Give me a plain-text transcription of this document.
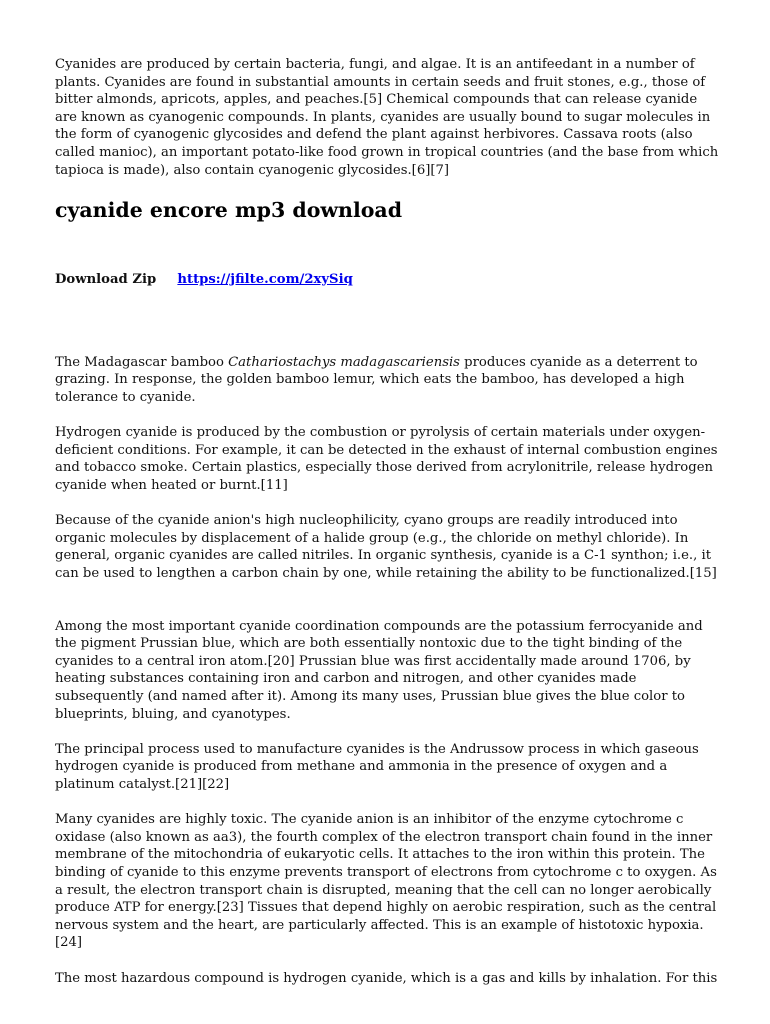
Cyanides are produced by certain bacteria, fungi, and algae. It is an antifeedant in a number of plants. Cyanides are found in substantial amounts in certain seeds and fruit stones, e.g., those of bitter almonds, apricots, apples, and peaches.[5] Chemical compounds that can release cyanide are known as cyanogenic compounds. In plants, cyanides are usually bound to sugar molecules in the form of cyanogenic glycosides and defend the plant against herbivores. Cassava roots (also called manioc), an important potato-like food grown in tropical countries (and the base from which tapioca is made), also contain cyanogenic glycosides.[6][7]

cyanide encore mp3 download

Download Zip https://jfilte.com/2xySiq

The Madagascar bamboo Cathariostachys madagascariensis produces cyanide as a deterrent to grazing. In response, the golden bamboo lemur, which eats the bamboo, has developed a high tolerance to cyanide.

Hydrogen cyanide is produced by the combustion or pyrolysis of certain materials under oxygen-deficient conditions. For example, it can be detected in the exhaust of internal combustion engines and tobacco smoke. Certain plastics, especially those derived from acrylonitrile, release hydrogen cyanide when heated or burnt.[11]

Because of the cyanide anion's high nucleophilicity, cyano groups are readily introduced into organic molecules by displacement of a halide group (e.g., the chloride on methyl chloride). In general, organic cyanides are called nitriles. In organic synthesis, cyanide is a C-1 synthon; i.e., it can be used to lengthen a carbon chain by one, while retaining the ability to be functionalized.[15]

Among the most important cyanide coordination compounds are the potassium ferrocyanide and the pigment Prussian blue, which are both essentially nontoxic due to the tight binding of the cyanides to a central iron atom.[20] Prussian blue was first accidentally made around 1706, by heating substances containing iron and carbon and nitrogen, and other cyanides made subsequently (and named after it). Among its many uses, Prussian blue gives the blue color to blueprints, bluing, and cyanotypes.

The principal process used to manufacture cyanides is the Andrussow process in which gaseous hydrogen cyanide is produced from methane and ammonia in the presence of oxygen and a platinum catalyst.[21][22]

Many cyanides are highly toxic. The cyanide anion is an inhibitor of the enzyme cytochrome c oxidase (also known as aa3), the fourth complex of the electron transport chain found in the inner membrane of the mitochondria of eukaryotic cells. It attaches to the iron within this protein. The binding of cyanide to this enzyme prevents transport of electrons from cytochrome c to oxygen. As a result, the electron transport chain is disrupted, meaning that the cell can no longer aerobically produce ATP for energy.[23] Tissues that depend highly on aerobic respiration, such as the central nervous system and the heart, are particularly affected. This is an example of histotoxic hypoxia.[24]

The most hazardous compound is hydrogen cyanide, which is a gas and kills by inhalation. For this
